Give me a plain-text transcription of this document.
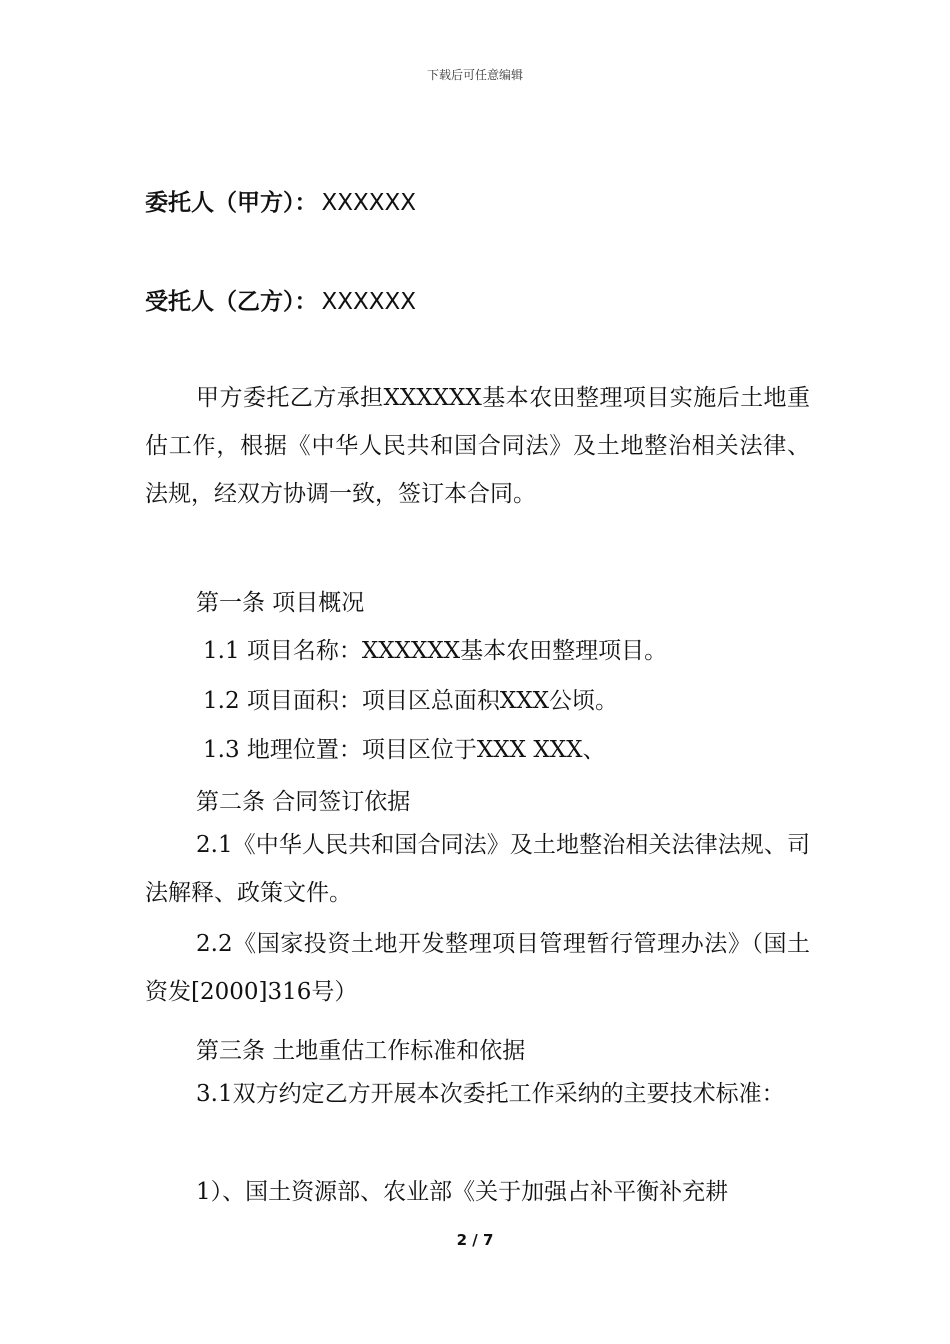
下载后可任意编辑
委托人（甲方）： XXXXXX
受托人（乙方）： XXXXXX

甲方委托乙方承担XXXXXX基本农田整理项目实施后土地重估工作，根据《中华人民共和国合同法》及土地整治相关法律、法规，经双方协调一致，签订本合同。

第一条 项目概况

1.1 项目名称：XXXXXX基本农田整理项目。

1.2 项目面积：项目区总面积XXX公顷。

1.3 地理位置：项目区位于XXX XXX、

第二条 合同签订依据

2.1《中华人民共和国合同法》及土地整治相关法律法规、司法解释、政策文件。

2.2《国家投资土地开发整理项目管理暂行管理办法》（国土资发[2000]316号）

第三条 土地重估工作标准和依据

3.1双方约定乙方开展本次委托工作采纳的主要技术标准：

1）、国土资源部、农业部《关于加强占补平衡补充耕

2 / 7
